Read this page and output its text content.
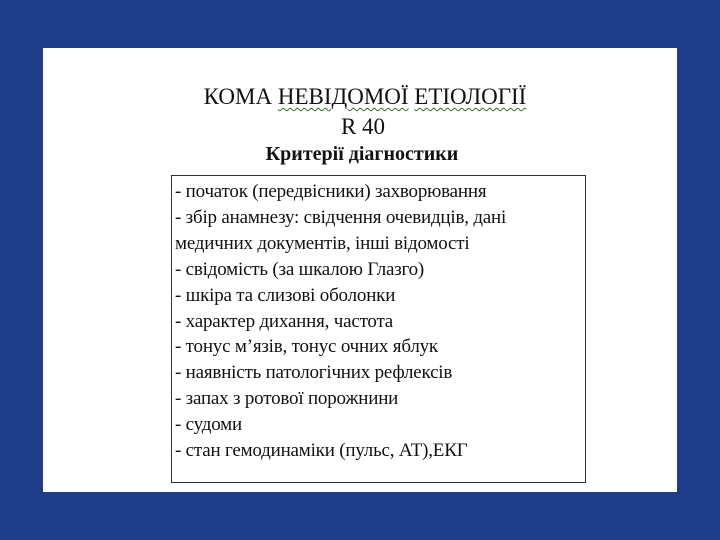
КОМА НЕВІДОМОЇ ЕТІОЛОГІЇ
R 40
Критерії діагностики
- початок (передвісники) захворювання
- збір анамнезу: свідчення очевидців, дані
медичних документів, інші відомості
- свідомість (за шкалою Глазго)
- шкіра та слизові оболонки
- характер дихання, частота
- тонус м’язів, тонус очних яблук
- наявність патологічних рефлексів
- запах з ротової порожнини
- судоми
- стан гемодинаміки (пульс, АТ),ЕКГ
